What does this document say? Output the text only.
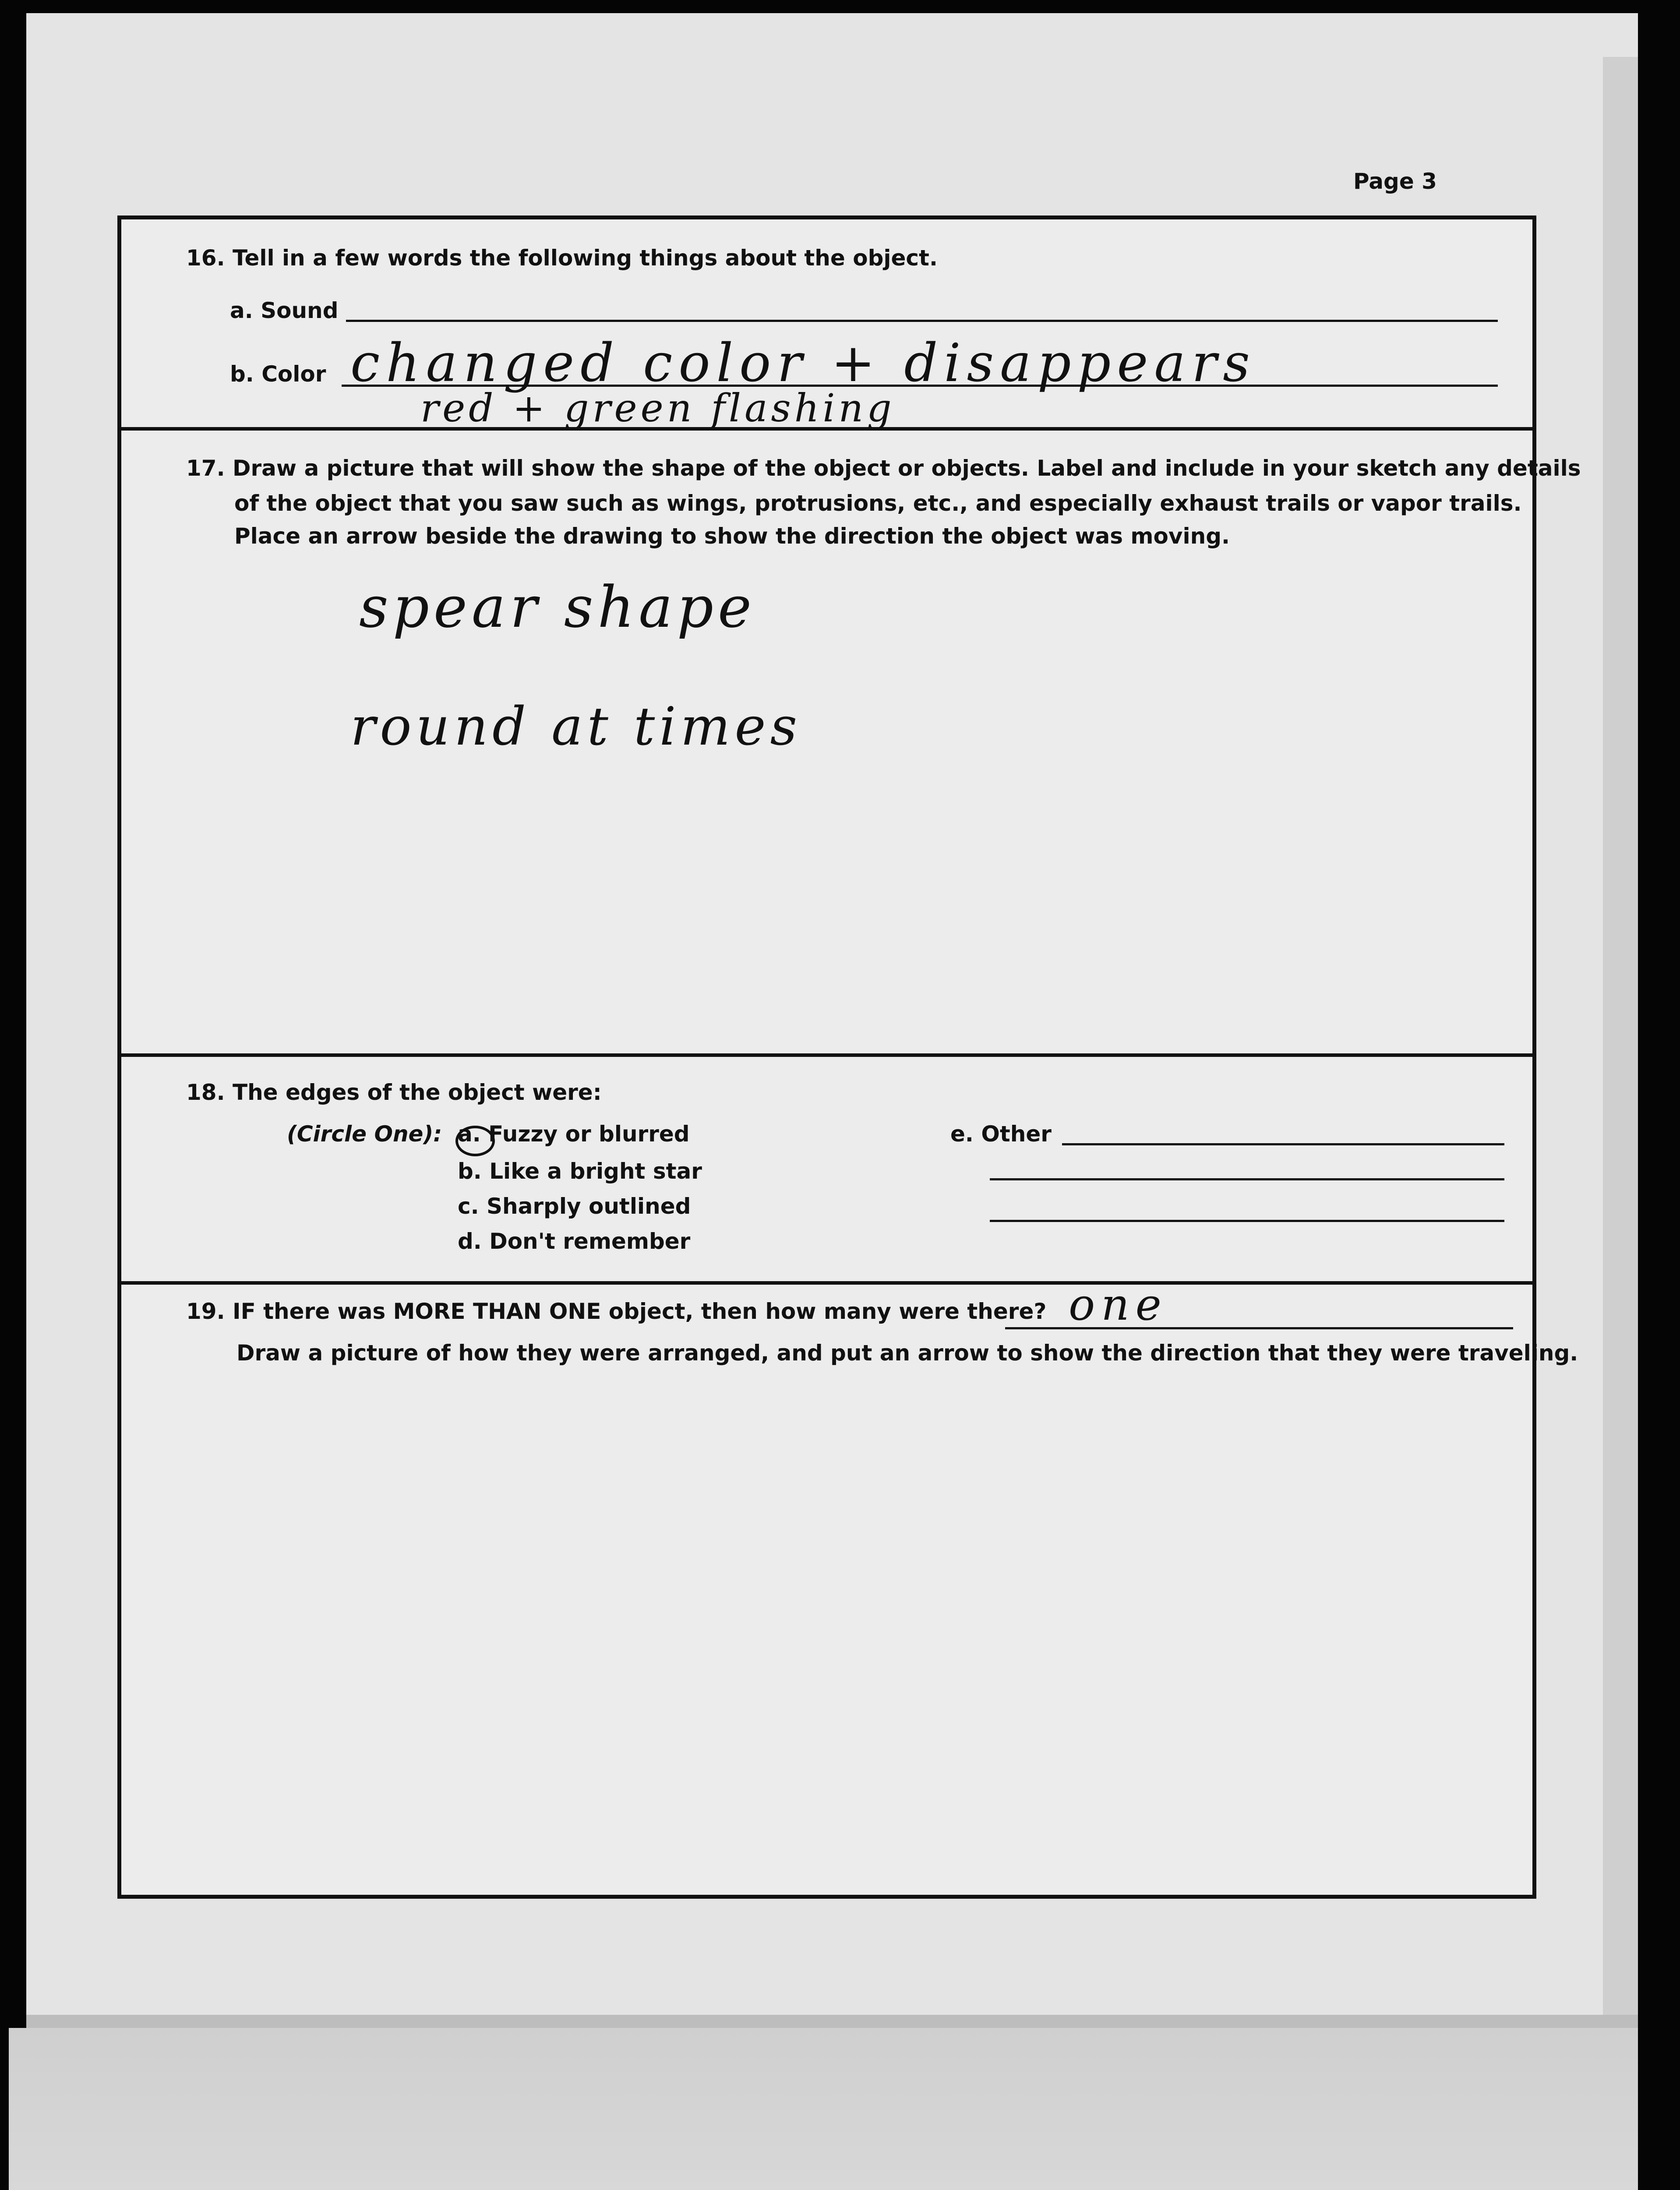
Page 3
16. Tell in a few words the following things about the object.
a. Sound
b. Color changed color + disappears
red + green flashing
17. Draw a picture that will show the shape of the object or objects. Label and include in your sketch any details
of the object that you saw such as wings, protrusions, etc., and especially exhaust trails or vapor trails.
Place an arrow beside the drawing to show the direction the object was moving.
spear shape
round at times
18. The edges of the object were:
(Circle One): a. Fuzzy or blurred
b. Like a bright star
c. Sharply outlined
d. Don't remember
e. Other
19. IF there was MORE THAN ONE object, then how many were there? one
Draw a picture of how they were arranged, and put an arrow to show the direction that they were traveling.
